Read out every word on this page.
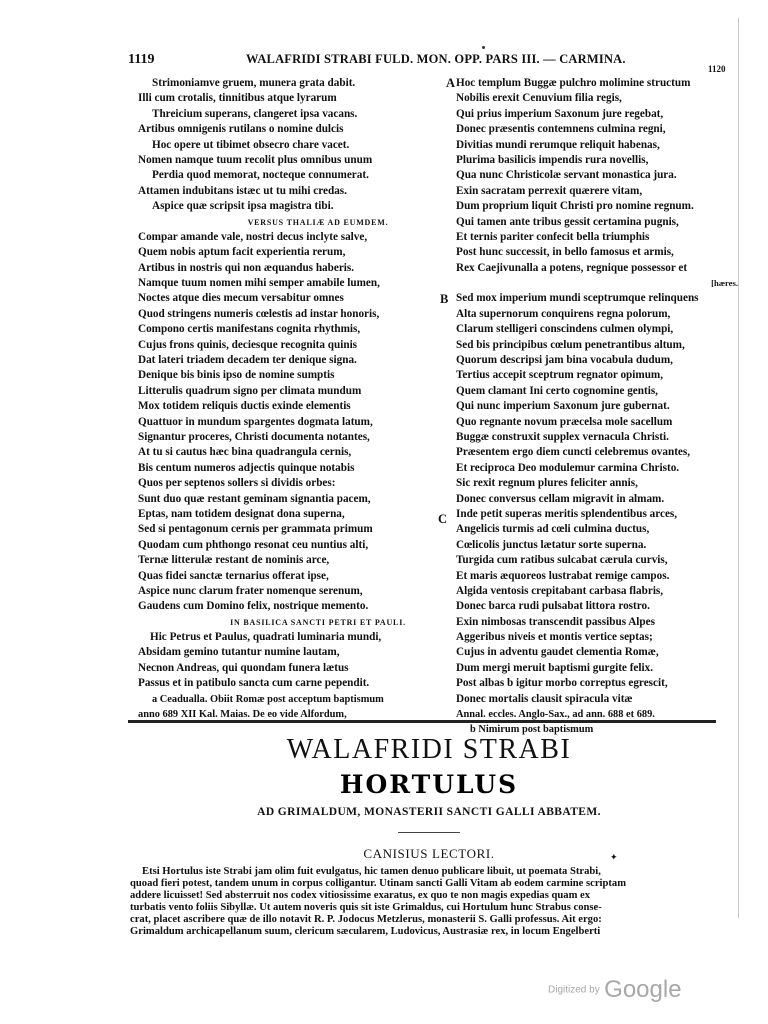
1119	WALAFRIDI STRABI FULD. MON. OPP. PARS III. — CARMINA.
1120
Strimoniamve gruem, munera grata dabit.
Illi cum crotalis, tinnitibus atque lyrarum
Threicium superans, clangeret ipsa vacans.
Artibus omnigenis rutilans o nomine dulcis
Hoc opere ut tibimet obsecro chare vacet.
Nomen namque tuum recolit plus omnibus unum
Perdia quod memorat, nocteque connumerat.
Attamen indubitans istæc ut tu mihi credas.
Aspice quæ scripsit ipsa magistra tibi.
VERSUS THALIÆ AD EUMDEM.
Compar amande vale, nostri decus inclyte salve,
Quem nobis aptum facit experientia rerum,
Artibus in nostris qui non æquandus haberis.
Namque tuum nomen mihi semper amabile lumen,
Noctes atque dies mecum versabitur omnes
Quod stringens numeris cœlestis ad instar honoris,
Compono certis manifestans cognita rhythmis,
Cujus frons quinis, deciesque recognita quinis
Dat lateri triadem decadem ter denique signa.
Denique bis binis ipso de nomine sumptis
Litterulis quadrum signo per climata mundum
Mox totidem reliquis ductis exinde elementis
Quattuor in mundum spargentes dogmata latum,
Signantur proceres, Christi documenta notantes,
At tu si cautus hæc bina quadrangula cernis,
Bis centum numeros adjectis quinque notabis
Quos per septenos sollers si dividis orbes:
Sunt duo quæ restant geminam signantia pacem,
Eptas, nam totidem designat dona superna,
Sed si pentagonum cernis per grammata primum
Quodam cum phthongo resonat ceu nuntius alti,
Ternæ litterulæ restant de nominis arce,
Quas fidei sanctæ ternarius offerat ipse,
Aspice nunc clarum frater nomenque serenum,
Gaudens cum Domino felix, nostrique memento.
IN BASILICA SANCTI PETRI ET PAULI.
Hic Petrus et Paulus, quadrati luminaria mundi,
Absidam gemino tutantur numine lautam,
Necnon Andreas, qui quondam funera lætus
Passus et in patibulo sancta cum carne pependit.
a Ceadualla. Obiit Romæ post acceptum baptismum
anno 689 XII Kal. Maias. De eo vide Alfordum,
A
B
C
Hoc templum Buggæ pulchro molimine structum
Nobilis erexit Cenuvium filia regis,
Qui prius imperium Saxonum jure regebat,
Donec præsentis contemnens culmina regni,
Divitias mundi rerumque reliquit habenas,
Plurima basilicis impendis rura novellis,
Qua nunc Christicolæ servant monastica jura.
Exin sacratam perrexit quærere vitam,
Dum proprium liquit Christi pro nomine regnum.
Qui tamen ante tribus gessit certamina pugnis,
Et ternis pariter confecit bella triumphis
Post hunc successit, in bello famosus et armis,
Rex Caejivunalla a potens, regnique possessor et
[hæres.
Sed mox imperium mundi sceptrumque relinquens
Alta supernorum conquirens regna polorum,
Clarum stelligeri conscindens culmen olympi,
Sed bis principibus cœlum penetrantibus altum,
Quorum descripsi jam bina vocabula dudum,
Tertius accepit sceptrum regnator opimum,
Quem clamant Ini certo cognomine gentis,
Qui nunc imperium Saxonum jure gubernat.
Quo regnante novum præcelsa mole sacellum
Buggæ construxit supplex vernacula Christi.
Præsentem ergo diem cuncti celebremus ovantes,
Et reciproca Deo modulemur carmina Christo.
Sic rexit regnum plures feliciter annis,
Donec conversus cellam migravit in almam.
Inde petit superas meritis splendentibus arces,
Angelicis turmis ad cœli culmina ductus,
Cœlicolis junctus lætatur sorte superna.
Turgida cum ratibus sulcabat cærula curvis,
Et maris æquoreos lustrabat remige campos.
Algida ventosis crepitabant carbasa flabris,
Donec barca rudi pulsabat littora rostro.
Exin nimbosas transcendit passibus Alpes
Aggeribus niveis et montis vertice septas;
Cujus in adventu gaudet clementia Romæ,
Dum mergi meruit baptismi gurgite felix.
Post albas b igitur morbo correptus egrescit,
Donec mortalis clausit spiracula vitæ
Annal. eccles. Anglo-Sax., ad ann. 688 et 689.
b Nimirum post baptismum
WALAFRIDI STRABI
HORTULUS
AD GRIMALDUM, MONASTERII SANCTI GALLI ABBATEM.
CANISIUS LECTORI.	✦
Etsi Hortulus iste Strabi jam olim fuit evulgatus, hic tamen denuo publicare libuit, ut poemata Strabi,
quoad fieri potest, tandem unum in corpus colligantur. Utinam sancti Galli Vitam ab eodem carmine scriptam
addere licuisset! Sed absterruit nos codex vitiosissime exaratus, ex quo te non magis expedias quam ex
turbatis vento foliis Sibyllæ. Ut autem noveris quis sit iste Grimaldus, cui Hortulum hunc Strabus conse-
crat, placet ascribere quæ de illo notavit R. P. Jodocus Metzlerus, monasterii S. Galli professus. Ait ergo:
Grimaldum archicapellanum suum, clericum sæcularem, Ludovicus, Austrasiæ rex, in locum Engelberti
Digitized by Google
